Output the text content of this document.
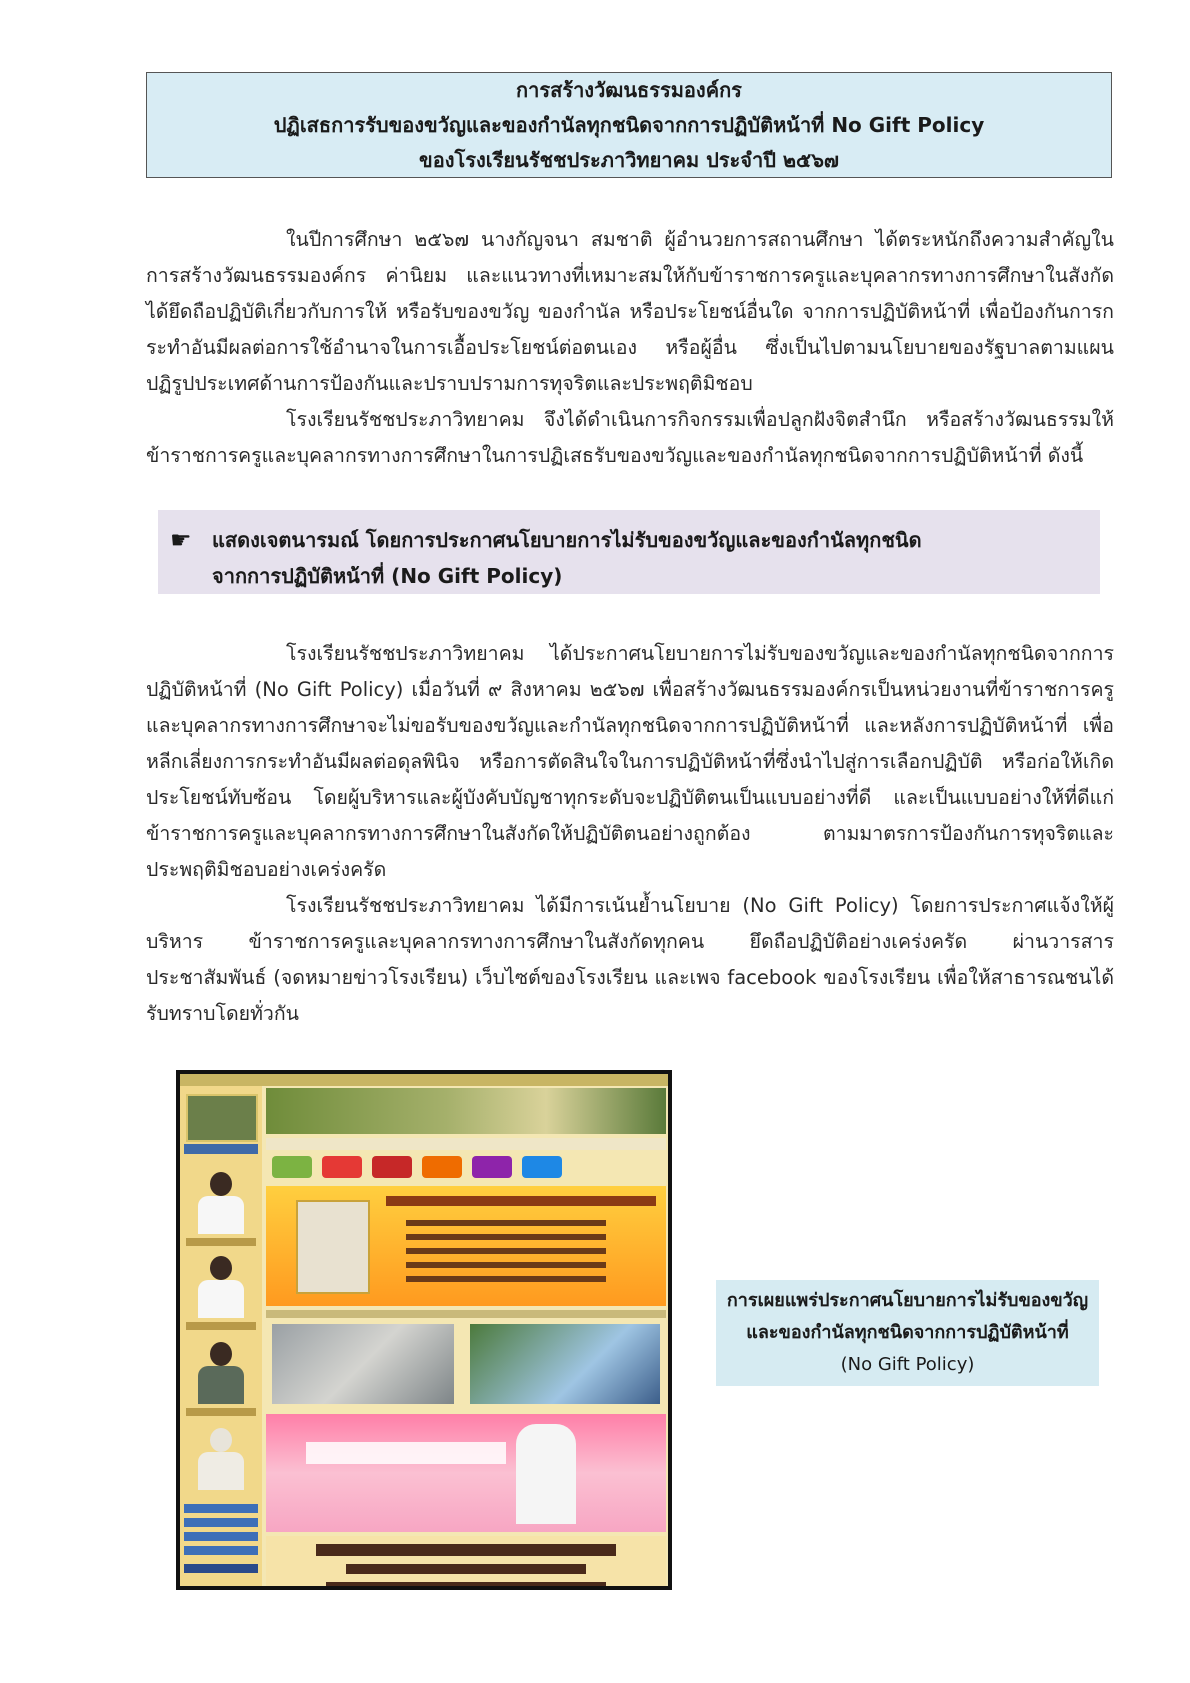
การสร้างวัฒนธรรมองค์กร
ปฏิเสธการรับของขวัญและของกำนัลทุกชนิดจากการปฏิบัติหน้าที่ No Gift Policy
ของโรงเรียนรัชชประภาวิทยาคม ประจำปี ๒๕๖๗

ในปีการศึกษา ๒๕๖๗ นางกัญจนา สมชาติ ผู้อำนวยการสถานศึกษา ได้ตระหนักถึงความสำคัญในการสร้างวัฒนธรรมองค์กร ค่านิยม และแนวทางที่เหมาะสมให้กับข้าราชการครูและบุคลากรทางการศึกษาในสังกัด ได้ยึดถือปฏิบัติเกี่ยวกับการให้ หรือรับของขวัญ ของกำนัล หรือประโยชน์อื่นใด จากการปฏิบัติหน้าที่ เพื่อป้องกันการกระทำอันมีผลต่อการใช้อำนาจในการเอื้อประโยชน์ต่อตนเอง หรือผู้อื่น ซึ่งเป็นไปตามนโยบายของรัฐบาลตามแผนปฏิรูปประเทศด้านการป้องกันและปราบปรามการทุจริตและประพฤติมิชอบ

โรงเรียนรัชชประภาวิทยาคม จึงได้ดำเนินการกิจกรรมเพื่อปลูกฝังจิตสำนึก หรือสร้างวัฒนธรรมให้ข้าราชการครูและบุคลากรทางการศึกษาในการปฏิเสธรับของขวัญและของกำนัลทุกชนิดจากการปฏิบัติหน้าที่ ดังนี้

☛ แสดงเจตนารมณ์ โดยการประกาศนโยบายการไม่รับของขวัญและของกำนัลทุกชนิด
จากการปฏิบัติหน้าที่ (No Gift Policy)

โรงเรียนรัชชประภาวิทยาคม ได้ประกาศนโยบายการไม่รับของขวัญและของกำนัลทุกชนิดจากการปฏิบัติหน้าที่ (No Gift Policy) เมื่อวันที่ ๙ สิงหาคม ๒๕๖๗ เพื่อสร้างวัฒนธรรมองค์กรเป็นหน่วยงานที่ข้าราชการครูและบุคลากรทางการศึกษาจะไม่ขอรับของขวัญและกำนัลทุกชนิดจากการปฏิบัติหน้าที่ และหลังการปฏิบัติหน้าที่ เพื่อหลีกเลี่ยงการกระทำอันมีผลต่อดุลพินิจ หรือการตัดสินใจในการปฏิบัติหน้าที่ซึ่งนำไปสู่การเลือกปฏิบัติ หรือก่อให้เกิดประโยชน์ทับซ้อน โดยผู้บริหารและผู้บังคับบัญชาทุกระดับจะปฏิบัติตนเป็นแบบอย่างที่ดี และเป็นแบบอย่างให้ที่ดีแก่ข้าราชการครูและบุคลากรทางการศึกษาในสังกัดให้ปฏิบัติตนอย่างถูกต้อง ตามมาตรการป้องกันการทุจริตและประพฤติมิชอบอย่างเคร่งครัด

โรงเรียนรัชชประภาวิทยาคม ได้มีการเน้นย้ำนโยบาย (No Gift Policy) โดยการประกาศแจ้งให้ผู้บริหาร ข้าราชการครูและบุคลากรทางการศึกษาในสังกัดทุกคน ยึดถือปฏิบัติอย่างเคร่งครัด ผ่านวารสารประชาสัมพันธ์ (จดหมายข่าวโรงเรียน) เว็บไซต์ของโรงเรียน และเพจ facebook ของโรงเรียน เพื่อให้สาธารณชนได้รับทราบโดยทั่วกัน

การเผยแพร่ประกาศนโยบายการไม่รับของขวัญ
และของกำนัลทุกชนิดจากการปฏิบัติหน้าที่
(No Gift Policy)
